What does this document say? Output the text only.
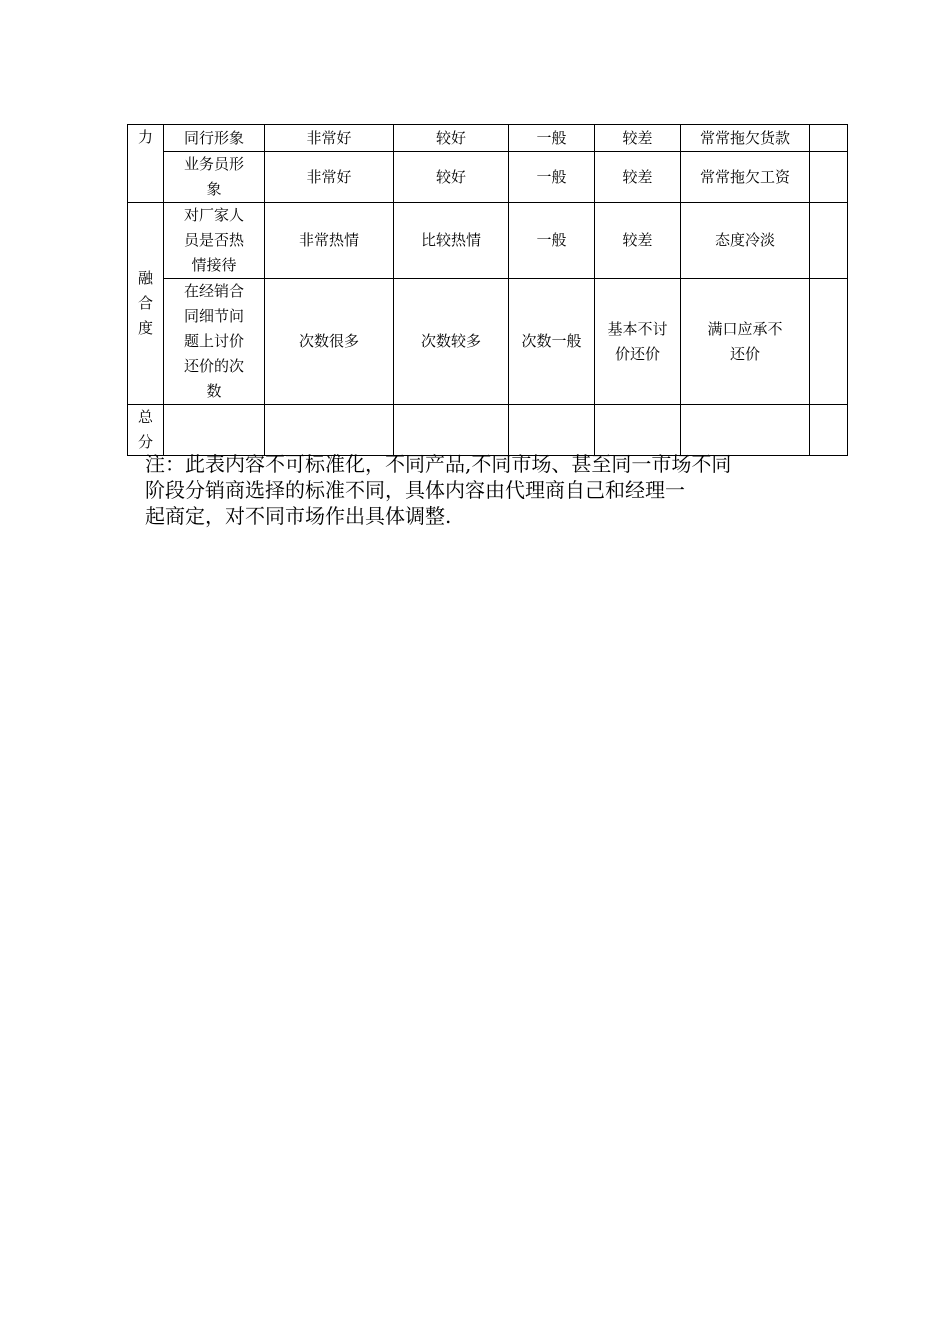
力	同行形象	非常好	较好	一般	较差	常常拖欠货款	
	业务员形象	非常好	较好	一般	较差	常常拖欠工资	
融合度	对厂家人员是否热情接待	非常热情	比较热情	一般	较差	态度冷淡	
	在经销合同细节问题上讨价还价的次数	次数很多	次数较多	次数一般	基本不讨价还价	满口应承不还价	
总分							
注：此表内容不可标准化，不同产品,不同市场、甚至同一市场不同
阶段分销商选择的标准不同，具体内容由代理商自己和经理一
起商定，对不同市场作出具体调整.
